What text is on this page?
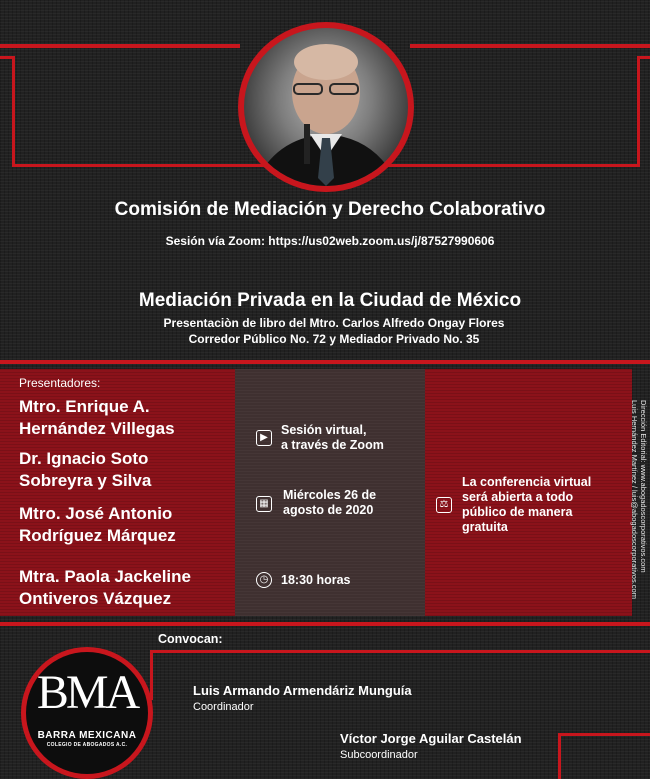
Comisión de Mediación y Derecho Colaborativo
Sesión vía Zoom: https://us02web.zoom.us/j/87527990606
Mediación Privada en la Ciudad de México
Presentaciòn de libro del Mtro. Carlos Alfredo Ongay Flores
Corredor Público No. 72 y Mediador Privado No. 35
Presentadores:
Mtro. Enrique A.
Hernández Villegas
Dr. Ignacio Soto
Sobreyra y Silva
Mtro. José Antonio
Rodríguez Márquez
Mtra. Paola Jackeline
Ontiveros Vázquez
▶
Sesión virtual,
a través de Zoom
▦
Miércoles 26 de
agosto de 2020
◷ 18:30 horas
⚖
La conferencia virtual
será abierta a todo
público de manera
gratuita	Dirección Editorial: www.abogadoscorporativos.com
Luis Hernández Martínez / luis@abogadoscorporativos.com
Convocan:
BMA
BARRA MEXICANA
COLEGIO DE ABOGADOS A.C.
Luis Armando Armendáriz Munguía
Coordinador
Víctor Jorge Aguilar Castelán
Subcoordinador
